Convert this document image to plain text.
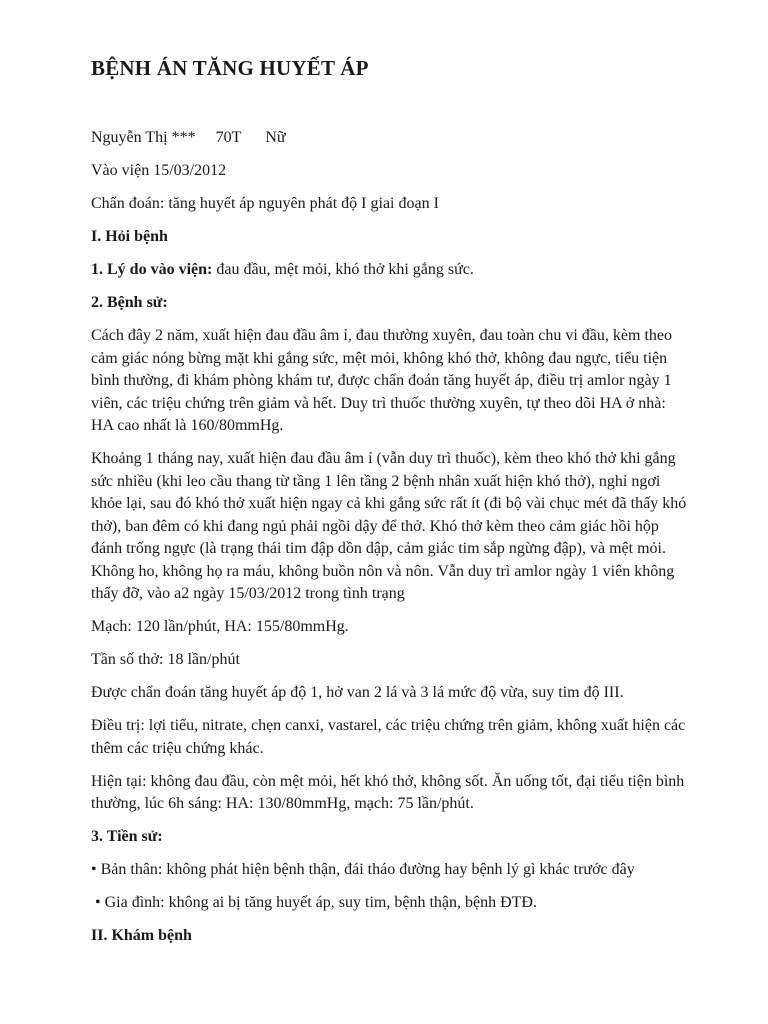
BỆNH ÁN TĂNG HUYẾT ÁP

Nguyễn Thị *** 70T Nữ

Vào viện 15/03/2012

Chẩn đoán: tăng huyết áp nguyên phát độ I giai đoạn I

I. Hỏi bệnh

1. Lý do vào viện: đau đầu, mệt mỏi, khó thở khi gắng sức.

2. Bệnh sử:

Cách đây 2 năm, xuất hiện đau đầu âm ỉ, đau thường xuyên, đau toàn chu vi đầu, kèm theo cảm giác nóng bừng mặt khi gắng sức, mệt mỏi, không khó thở, không đau ngực, tiểu tiện bình thường, đi khám phòng khám tư, được chẩn đoán tăng huyết áp, điều trị amlor ngày 1 viên, các triệu chứng trên giảm và hết. Duy trì thuốc thường xuyên, tự theo dõi HA ở nhà: HA cao nhất là 160/80mmHg.

Khoảng 1 tháng nay, xuất hiện đau đầu âm ỉ (vẫn duy trì thuốc), kèm theo khó thở khi gắng sức nhiều (khi leo cầu thang từ tầng 1 lên tầng 2 bệnh nhân xuất hiện khó thở), nghỉ ngơi khỏe lại, sau đó khó thở xuất hiện ngay cả khi gắng sức rất ít (đi bộ vài chục mét đã thấy khó thở), ban đêm có khi đang ngủ phải ngồi dậy để thở. Khó thở kèm theo cảm giác hồi hộp đánh trống ngực (là trạng thái tim đập dồn dập, cảm giác tim sắp ngừng đập), và mệt mỏi. Không ho, không họ ra máu, không buồn nôn và nôn. Vẫn duy trì amlor ngày 1 viên không thấy đỡ, vào a2 ngày 15/03/2012 trong tình trạng

Mạch: 120 lần/phút, HA: 155/80mmHg.

Tần số thở: 18 lần/phút

Được chẩn đoán tăng huyết áp độ 1, hở van 2 lá và 3 lá mức độ vừa, suy tim độ III.

Điều trị: lợi tiểu, nitrate, chẹn canxi, vastarel, các triệu chứng trên giảm, không xuất hiện các thêm các triệu chứng khác.

Hiện tại: không đau đầu, còn mệt mỏi, hết khó thở, không sốt. Ăn uống tốt, đại tiểu tiện bình thường, lúc 6h sáng: HA: 130/80mmHg, mạch: 75 lần/phút.

3. Tiền sử:

• Bản thân: không phát hiện bệnh thận, đái tháo đường hay bệnh lý gì khác trước đây

• Gia đình: không ai bị tăng huyết áp, suy tim, bệnh thận, bệnh ĐTĐ.

II. Khám bệnh
